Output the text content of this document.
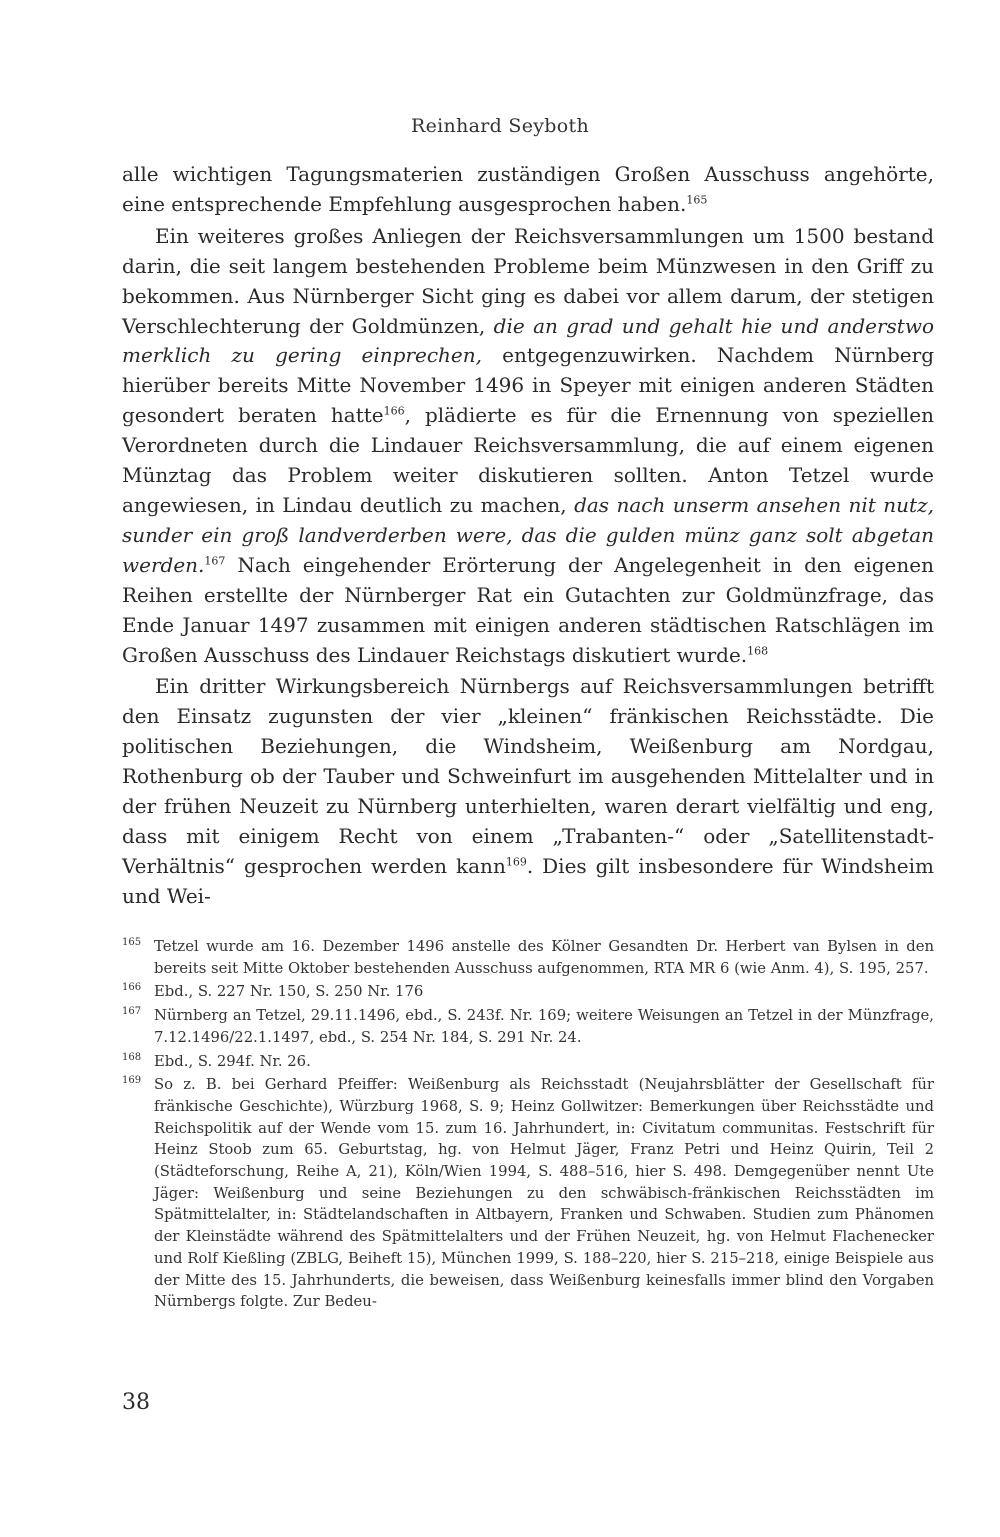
Reinhard Seyboth

alle wichtigen Tagungsmaterien zuständigen Großen Ausschuss angehörte, eine entsprechende Empfehlung ausgesprochen haben.$^{165}$

Ein weiteres großes Anliegen der Reichsversammlungen um 1500 bestand darin, die seit langem bestehenden Probleme beim Münzwesen in den Griff zu bekommen. Aus Nürnberger Sicht ging es dabei vor allem darum, der stetigen Verschlechterung der Goldmünzen, die an grad und gehalt hie und anderstwo merklich zu gering einprechen, entgegenzuwirken. Nachdem Nürnberg hierüber bereits Mitte November 1496 in Speyer mit einigen anderen Städten gesondert beraten hatte$^{166}$, plädierte es für die Ernennung von speziellen Verordneten durch die Lindauer Reichsversammlung, die auf einem eigenen Münztag das Problem weiter diskutieren sollten. Anton Tetzel wurde angewiesen, in Lindau deutlich zu machen, das nach unserm ansehen nit nutz, sunder ein groß landverderben were, das die gulden münz ganz solt abgetan werden.$^{167}$ Nach eingehender Erörterung der Angelegenheit in den eigenen Reihen erstellte der Nürnberger Rat ein Gutachten zur Goldmünzfrage, das Ende Januar 1497 zusammen mit einigen anderen städtischen Ratschlägen im Großen Ausschuss des Lindauer Reichstags diskutiert wurde.$^{168}$

Ein dritter Wirkungsbereich Nürnbergs auf Reichsversammlungen betrifft den Einsatz zugunsten der vier „kleinen“ fränkischen Reichsstädte. Die politischen Beziehungen, die Windsheim, Weißenburg am Nordgau, Rothenburg ob der Tauber und Schweinfurt im ausgehenden Mittelalter und in der frühen Neuzeit zu Nürnberg unterhielten, waren derart vielfältig und eng, dass mit einigem Recht von einem „Trabanten-“ oder „Satellitenstadt-Verhältnis“ gesprochen werden kann$^{169}$. Dies gilt insbesondere für Windsheim und Wei-

165 Tetzel wurde am 16. Dezember 1496 anstelle des Kölner Gesandten Dr. Herbert van Bylsen in den bereits seit Mitte Oktober bestehenden Ausschuss aufgenommen, RTA MR 6 (wie Anm. 4), S. 195, 257.
166 Ebd., S. 227 Nr. 150, S. 250 Nr. 176
167 Nürnberg an Tetzel, 29.11.1496, ebd., S. 243f. Nr. 169; weitere Weisungen an Tetzel in der Münzfrage, 7.12.1496/22.1.1497, ebd., S. 254 Nr. 184, S. 291 Nr. 24.
168 Ebd., S. 294f. Nr. 26.
169 So z. B. bei Gerhard Pfeiffer: Weißenburg als Reichsstadt (Neujahrsblätter der Gesellschaft für fränkische Geschichte), Würzburg 1968, S. 9; Heinz Gollwitzer: Bemerkungen über Reichsstädte und Reichspolitik auf der Wende vom 15. zum 16. Jahrhundert, in: Civitatum communitas. Festschrift für Heinz Stoob zum 65. Geburtstag, hg. von Helmut Jäger, Franz Petri und Heinz Quirin, Teil 2 (Städteforschung, Reihe A, 21), Köln/Wien 1994, S. 488–516, hier S. 498. Demgegenüber nennt Ute Jäger: Weißenburg und seine Beziehungen zu den schwäbisch-fränkischen Reichsstädten im Spätmittelalter, in: Städtelandschaften in Altbayern, Franken und Schwaben. Studien zum Phänomen der Kleinstädte während des Spätmittelalters und der Frühen Neuzeit, hg. von Helmut Flachenecker und Rolf Kießling (ZBLG, Beiheft 15), München 1999, S. 188–220, hier S. 215–218, einige Beispiele aus der Mitte des 15. Jahrhunderts, die beweisen, dass Weißenburg keinesfalls immer blind den Vorgaben Nürnbergs folgte. Zur Bedeu-
38
